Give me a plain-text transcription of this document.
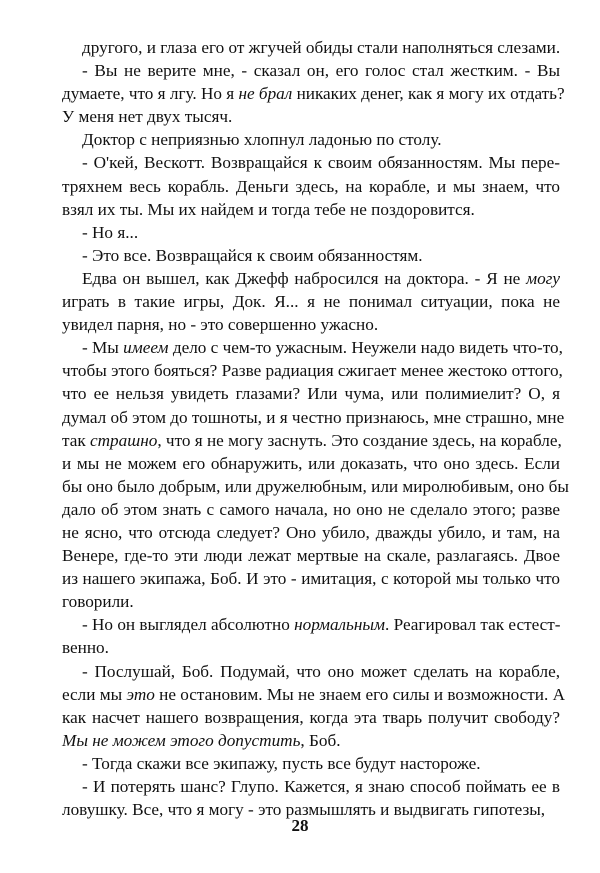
другого, и глаза его от жгучей обиды стали наполняться слезами.
- Вы не верите мне, - сказал он, его голос стал жестким. - Вы
думаете, что я лгу. Но я не брал никаких денег, как я могу их отдать?
У меня нет двух тысяч.
Доктор с неприязнью хлопнул ладонью по столу.
- О'кей, Вескотт. Возвращайся к своим обязанностям. Мы пере-
тряхнем весь корабль. Деньги здесь, на корабле, и мы знаем, что
взял их ты. Мы их найдем и тогда тебе не поздоровится.
- Но я...
- Это все. Возвращайся к своим обязанностям.
Едва он вышел, как Джефф набросился на доктора. - Я не могу
играть в такие игры, Док. Я... я не понимал ситуации, пока не
увидел парня, но - это совершенно ужасно.
- Мы имеем дело с чем-то ужасным. Неужели надо видеть что-то,
чтобы этого бояться? Разве радиация сжигает менее жестоко оттого,
что ее нельзя увидеть глазами? Или чума, или полимиелит? О, я
думал об этом до тошноты, и я честно признаюсь, мне страшно, мне
так страшно, что я не могу заснуть. Это создание здесь, на корабле,
и мы не можем его обнаружить, или доказать, что оно здесь. Если
бы оно было добрым, или дружелюбным, или миролюбивым, оно бы
дало об этом знать с самого начала, но оно не сделало этого; разве
не ясно, что отсюда следует? Оно убило, дважды убило, и там, на
Венере, где-то эти люди лежат мертвые на скале, разлагаясь. Двое
из нашего экипажа, Боб. И это - имитация, с которой мы только что
говорили.
- Но он выглядел абсолютно нормальным. Реагировал так естест-
венно.
- Послушай, Боб. Подумай, что оно может сделать на корабле,
если мы это не остановим. Мы не знаем его силы и возможности. А
как насчет нашего возвращения, когда эта тварь получит свободу?
Мы не можем этого допустить, Боб.
- Тогда скажи все экипажу, пусть все будут настороже.
- И потерять шанс? Глупо. Кажется, я знаю способ поймать ее в
ловушку. Все, что я могу - это размышлять и выдвигать гипотезы,
28
